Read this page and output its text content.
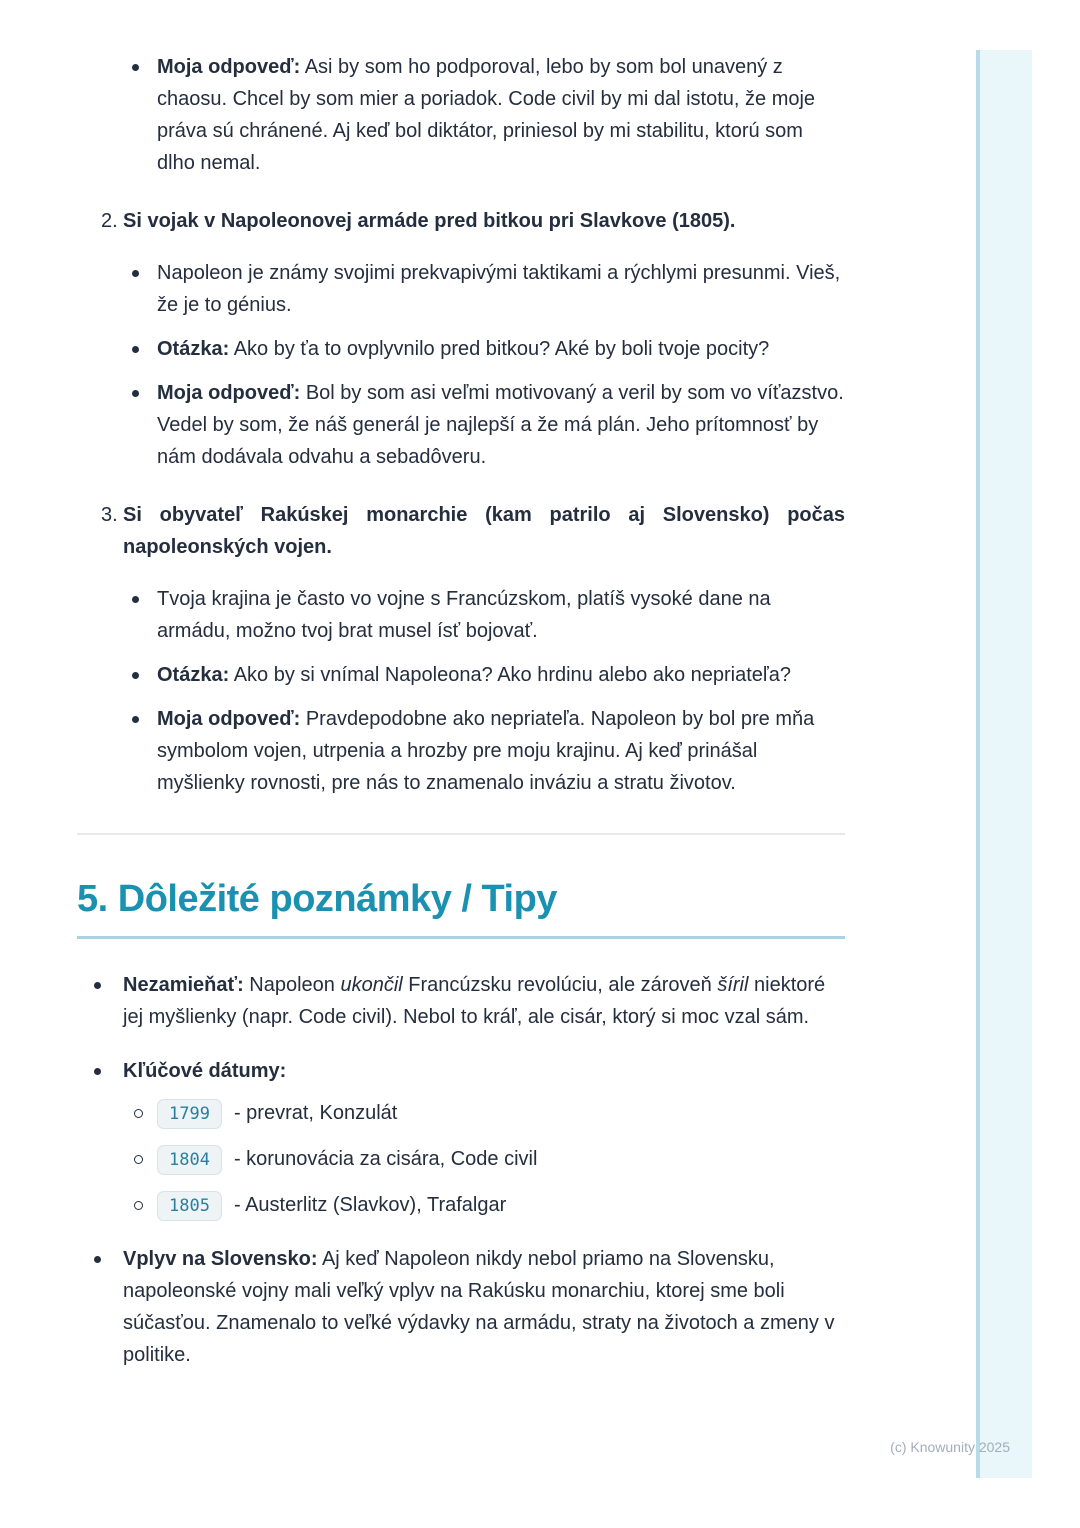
Moja odpoveď: Asi by som ho podporoval, lebo by som bol unavený z chaosu. Chcel by som mier a poriadok. Code civil by mi dal istotu, že moje práva sú chránené. Aj keď bol diktátor, priniesol by mi stabilitu, ktorú som dlho nemal.
2. Si vojak v Napoleonovej armáde pred bitkou pri Slavkove (1805).
Napoleon je známy svojimi prekvapivými taktikami a rýchlymi presunmi. Vieš, že je to génius.
Otázka: Ako by ťa to ovplyvnilo pred bitkou? Aké by boli tvoje pocity?
Moja odpoveď: Bol by som asi veľmi motivovaný a veril by som vo víťazstvo. Vedel by som, že náš generál je najlepší a že má plán. Jeho prítomnosť by nám dodávala odvahu a sebadôveru.
3. Si obyvateľ Rakúskej monarchie (kam patrilo aj Slovensko) počas napoleonských vojen.
Tvoja krajina je často vo vojne s Francúzskom, platíš vysoké dane na armádu, možno tvoj brat musel ísť bojovať.
Otázka: Ako by si vnímal Napoleona? Ako hrdinu alebo ako nepriateľa?
Moja odpoveď: Pravdepodobne ako nepriateľa. Napoleon by bol pre mňa symbolom vojen, utrpenia a hrozby pre moju krajinu. Aj keď prinášal myšlienky rovnosti, pre nás to znamenalo inváziu a stratu životov.
5. Dôležité poznámky / Tipy
Nezamieňať: Napoleon ukončil Francúzsku revolúciu, ale zároveň šíril niektoré jej myšlienky (napr. Code civil). Nebol to kráľ, ale cisár, ktorý si moc vzal sám.
Kľúčové dátumy:
1799 - prevrat, Konzulát
1804 - korunovácia za cisára, Code civil
1805 - Austerlitz (Slavkov), Trafalgar
Vplyv na Slovensko: Aj keď Napoleon nikdy nebol priamo na Slovensku, napoleonské vojny mali veľký vplyv na Rakúsku monarchiu, ktorej sme boli súčasťou. Znamenalo to veľké výdavky na armádu, straty na životoch a zmeny v politike.
(c) Knowunity 2025
